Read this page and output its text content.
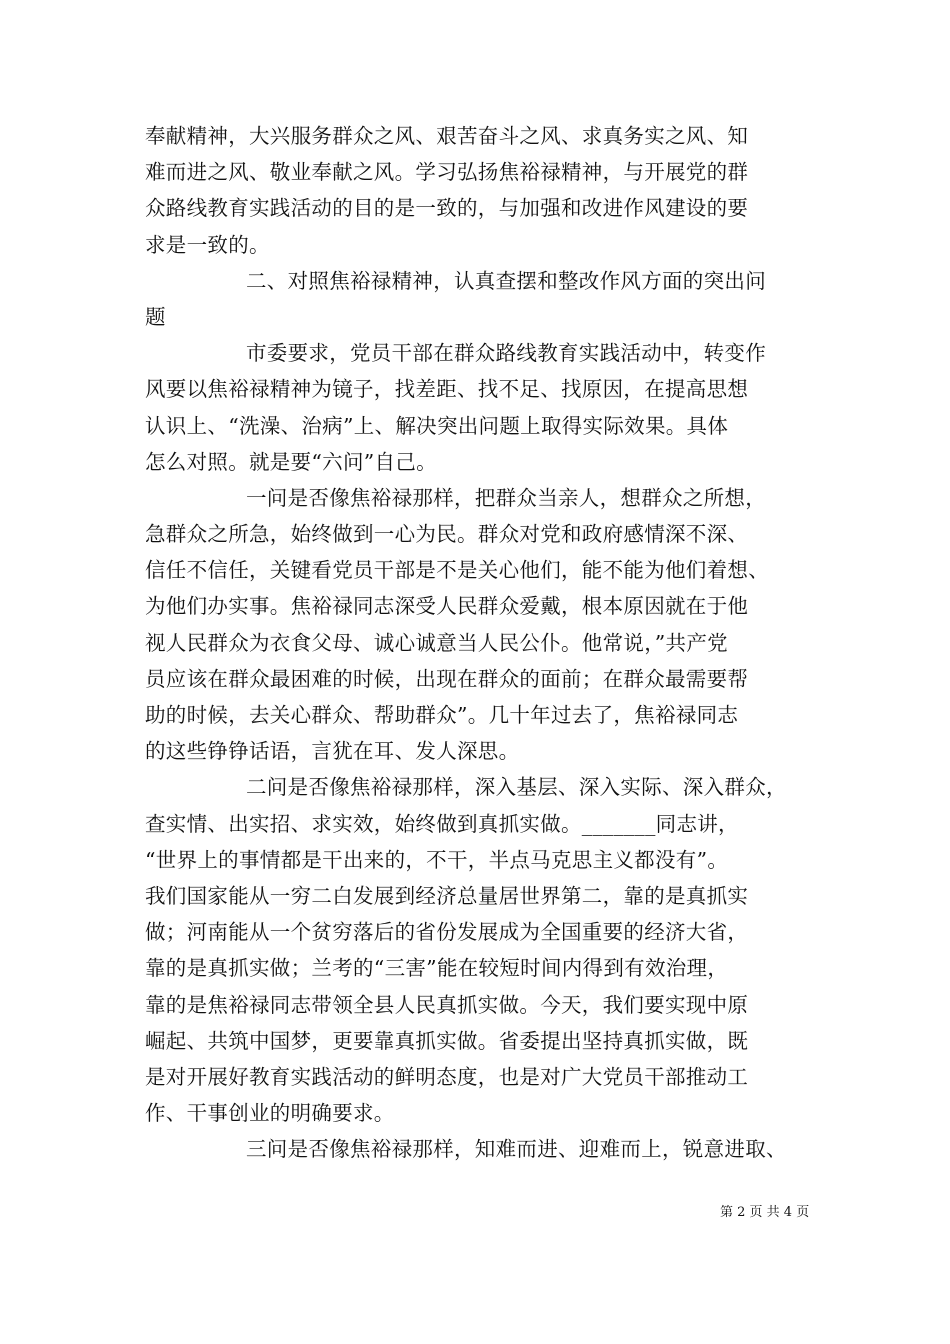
奉献精神，大兴服务群众之风、艰苦奋斗之风、求真务实之风、知
难而进之风、敬业奉献之风。学习弘扬焦裕禄精神，与开展党的群
众路线教育实践活动的目的是一致的，与加强和改进作风建设的要
求是一致的。
二、对照焦裕禄精神，认真查摆和整改作风方面的突出问
题
市委要求，党员干部在群众路线教育实践活动中，转变作
风要以焦裕禄精神为镜子，找差距、找不足、找原因，在提高思想
认识上、“洗澡、治病”上、解决突出问题上取得实际效果。具体
怎么对照。就是要“六问”自己。
一问是否像焦裕禄那样，把群众当亲人，想群众之所想，
急群众之所急，始终做到一心为民。群众对党和政府感情深不深、
信任不信任，关键看党员干部是不是关心他们，能不能为他们着想、
为他们办实事。焦裕禄同志深受人民群众爱戴，根本原因就在于他
视人民群众为衣食父母、诚心诚意当人民公仆。他常说，”共产党
员应该在群众最困难的时候，出现在群众的面前；在群众最需要帮
助的时候，去关心群众、帮助群众”。几十年过去了，焦裕禄同志
的这些铮铮话语，言犹在耳、发人深思。
二问是否像焦裕禄那样，深入基层、深入实际、深入群众，
查实情、出实招、求实效，始终做到真抓实做。_______同志讲，
“世界上的事情都是干出来的，不干，半点马克思主义都没有”。
我们国家能从一穷二白发展到经济总量居世界第二，靠的是真抓实
做；河南能从一个贫穷落后的省份发展成为全国重要的经济大省，
靠的是真抓实做；兰考的“三害”能在较短时间内得到有效治理，
靠的是焦裕禄同志带领全县人民真抓实做。今天，我们要实现中原
崛起、共筑中国梦，更要靠真抓实做。省委提出坚持真抓实做，既
是对开展好教育实践活动的鲜明态度，也是对广大党员干部推动工
作、干事创业的明确要求。
三问是否像焦裕禄那样，知难而进、迎难而上，锐意进取、
第 2 页 共 4 页
